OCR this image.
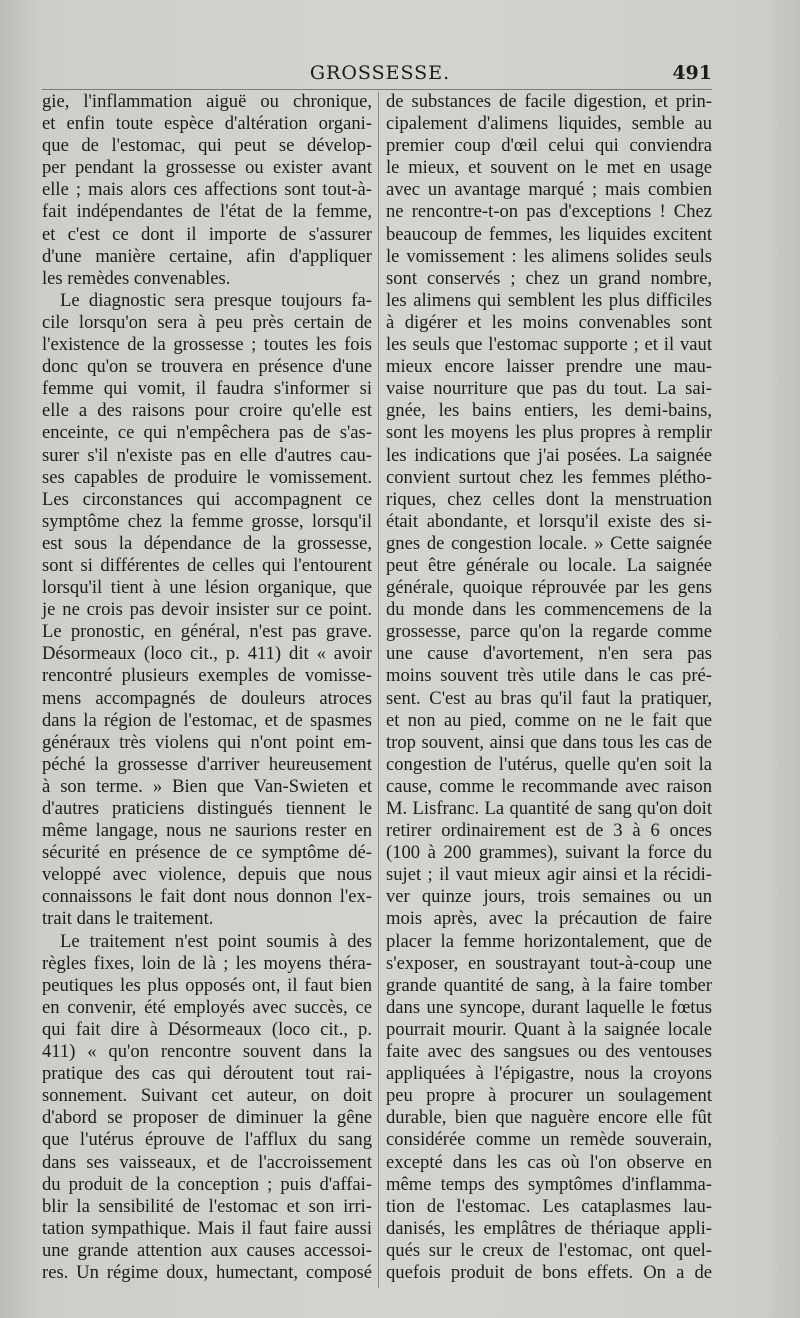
GROSSESSE.	491

gie, l'inflammation aiguë ou chronique,
et enfin toute espèce d'altération organi-
que de l'estomac, qui peut se dévelop-
per pendant la grossesse ou exister avant
elle ; mais alors ces affections sont tout-à-
fait indépendantes de l'état de la femme,
et c'est ce dont il importe de s'assurer
d'une manière certaine, afin d'appliquer
les remèdes convenables.

Le diagnostic sera presque toujours fa-
cile lorsqu'on sera à peu près certain de
l'existence de la grossesse ; toutes les fois
donc qu'on se trouvera en présence d'une
femme qui vomit, il faudra s'informer si
elle a des raisons pour croire qu'elle est
enceinte, ce qui n'empêchera pas de s'as-
surer s'il n'existe pas en elle d'autres cau-
ses capables de produire le vomissement.
Les circonstances qui accompagnent ce
symptôme chez la femme grosse, lorsqu'il
est sous la dépendance de la grossesse,
sont si différentes de celles qui l'entourent
lorsqu'il tient à une lésion organique, que
je ne crois pas devoir insister sur ce point.
Le pronostic, en général, n'est pas grave.
Désormeaux (loco cit., p. 411) dit « avoir
rencontré plusieurs exemples de vomisse-
mens accompagnés de douleurs atroces
dans la région de l'estomac, et de spasmes
généraux très violens qui n'ont point em-
péché la grossesse d'arriver heureusement
à son terme. » Bien que Van-Swieten et
d'autres praticiens distingués tiennent le
même langage, nous ne saurions rester en
sécurité en présence de ce symptôme dé-
veloppé avec violence, depuis que nous
connaissons le fait dont nous donnon l'ex-
trait dans le traitement.

Le traitement n'est point soumis à des
règles fixes, loin de là ; les moyens théra-
peutiques les plus opposés ont, il faut bien
en convenir, été employés avec succès, ce
qui fait dire à Désormeaux (loco cit., p.
411) « qu'on rencontre souvent dans la
pratique des cas qui déroutent tout rai-
sonnement. Suivant cet auteur, on doit
d'abord se proposer de diminuer la gêne
que l'utérus éprouve de l'afflux du sang
dans ses vaisseaux, et de l'accroissement
du produit de la conception ; puis d'affai-
blir la sensibilité de l'estomac et son irri-
tation sympathique. Mais il faut faire aussi
une grande attention aux causes accessoi-
res. Un régime doux, humectant, composé

de substances de facile digestion, et prin-
cipalement d'alimens liquides, semble au
premier coup d'œil celui qui conviendra
le mieux, et souvent on le met en usage
avec un avantage marqué ; mais combien
ne rencontre-t-on pas d'exceptions ! Chez
beaucoup de femmes, les liquides excitent
le vomissement : les alimens solides seuls
sont conservés ; chez un grand nombre,
les alimens qui semblent les plus difficiles
à digérer et les moins convenables sont
les seuls que l'estomac supporte ; et il vaut
mieux encore laisser prendre une mau-
vaise nourriture que pas du tout. La sai-
gnée, les bains entiers, les demi-bains,
sont les moyens les plus propres à remplir
les indications que j'ai posées. La saignée
convient surtout chez les femmes plétho-
riques, chez celles dont la menstruation
était abondante, et lorsqu'il existe des si-
gnes de congestion locale. » Cette saignée
peut être générale ou locale. La saignée
générale, quoique réprouvée par les gens
du monde dans les commencemens de la
grossesse, parce qu'on la regarde comme
une cause d'avortement, n'en sera pas
moins souvent très utile dans le cas pré-
sent. C'est au bras qu'il faut la pratiquer,
et non au pied, comme on ne le fait que
trop souvent, ainsi que dans tous les cas de
congestion de l'utérus, quelle qu'en soit la
cause, comme le recommande avec raison
M. Lisfranc. La quantité de sang qu'on doit
retirer ordinairement est de 3 à 6 onces
(100 à 200 grammes), suivant la force du
sujet ; il vaut mieux agir ainsi et la récidi-
ver quinze jours, trois semaines ou un
mois après, avec la précaution de faire
placer la femme horizontalement, que de
s'exposer, en soustrayant tout-à-coup une
grande quantité de sang, à la faire tomber
dans une syncope, durant laquelle le fœtus
pourrait mourir. Quant à la saignée locale
faite avec des sangsues ou des ventouses
appliquées à l'épigastre, nous la croyons
peu propre à procurer un soulagement
durable, bien que naguère encore elle fût
considérée comme un remède souverain,
excepté dans les cas où l'on observe en
même temps des symptômes d'inflamma-
tion de l'estomac. Les cataplasmes lau-
danisés, les emplâtres de thériaque appli-
qués sur le creux de l'estomac, ont quel-
quefois produit de bons effets. On a de
